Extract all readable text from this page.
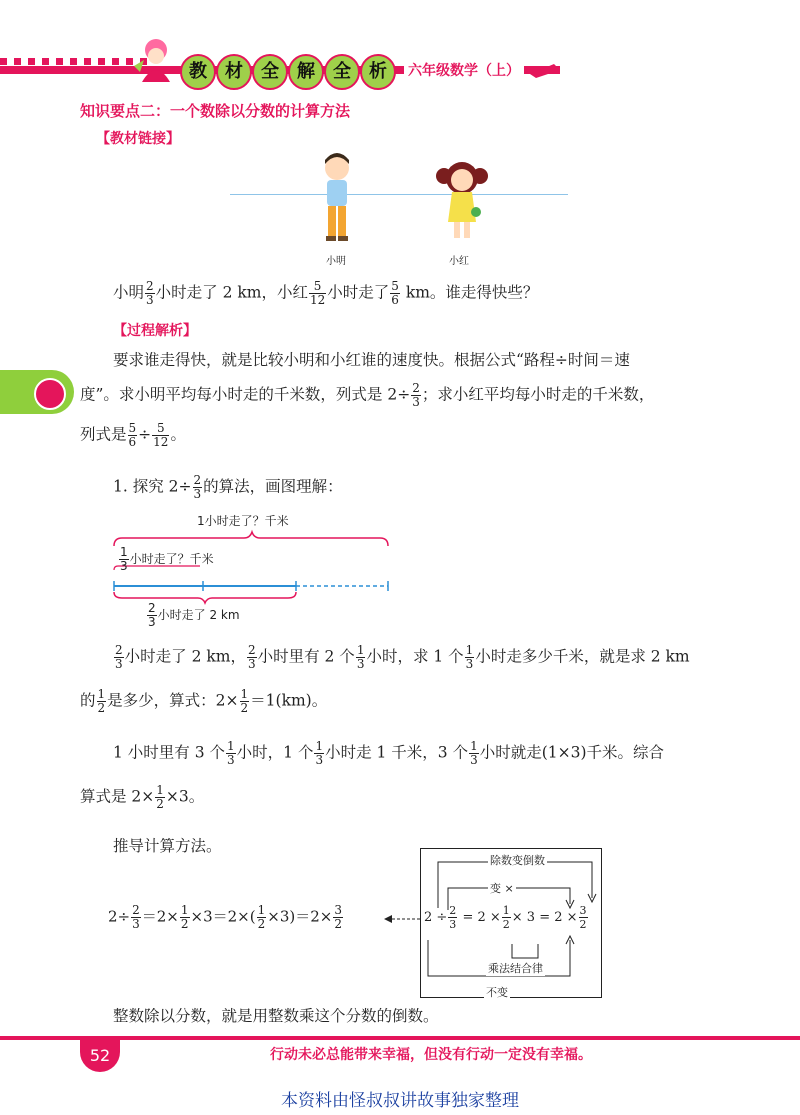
教	材	全	解	全	析	六年级数学（上）
知识要点二：一个数除以分数的计算方法
【教材链接】
小明	小红
小明 $\frac{2}{3}$ 小时走了 2 km，小红 $\frac{5}{12}$ 小时走了 $\frac{5}{6}$ km。谁走得快些？
【过程解析】
要求谁走得快，就是比较小明和小红谁的速度快。根据公式“路程÷时间＝速
度”。求小明平均每小时走的千米数，列式是 $2\div \frac{2}{3}$ ；求小红平均每小时走的千米数，
列式是 $\frac{5}{6} \div \frac{5}{12}$ 。
1. 探究 $2\div \frac{2}{3}$ 的算法，画图理解：
1小时走了？千米
$\frac{1}{3}$ 小时走了？千米
$\frac{2}{3}$ 小时走了 2 km
$\frac{2}{3}$ 小时走了 2 km， $\frac{2}{3}$ 小时里有 2 个 $\frac{1}{3}$ 小时，求 1 个 $\frac{1}{3}$ 小时走多少千米，就是求 2 km
的 $\frac{1}{2}$ 是多少，算式：$2\times \frac{1}{2} =1(km)$。
1 小时里有 3 个 $\frac{1}{3}$ 小时，1 个 $\frac{1}{3}$ 小时走 1 千米，3 个 $\frac{1}{3}$ 小时就走(1×3)千米。综合
算式是 $2\times \frac{1}{2} \times 3$。
推导计算方法。
$2\div \frac{2}{3} =2\times \frac{1}{2} \times 3=2\times( \frac{1}{2} \times 3)=2\times \frac{3}{2}$
除数变倒数
变 ×
$2 \div \frac{2}{3} = 2 \times \frac{1}{2} \times 3 = 2 \times \frac{3}{2}$
乘法结合律
不变
整数除以分数，就是用整数乘这个分数的倒数。
52	行动未必总能带来幸福，但没有行动一定没有幸福。
本资料由怪叔叔讲故事独家整理
